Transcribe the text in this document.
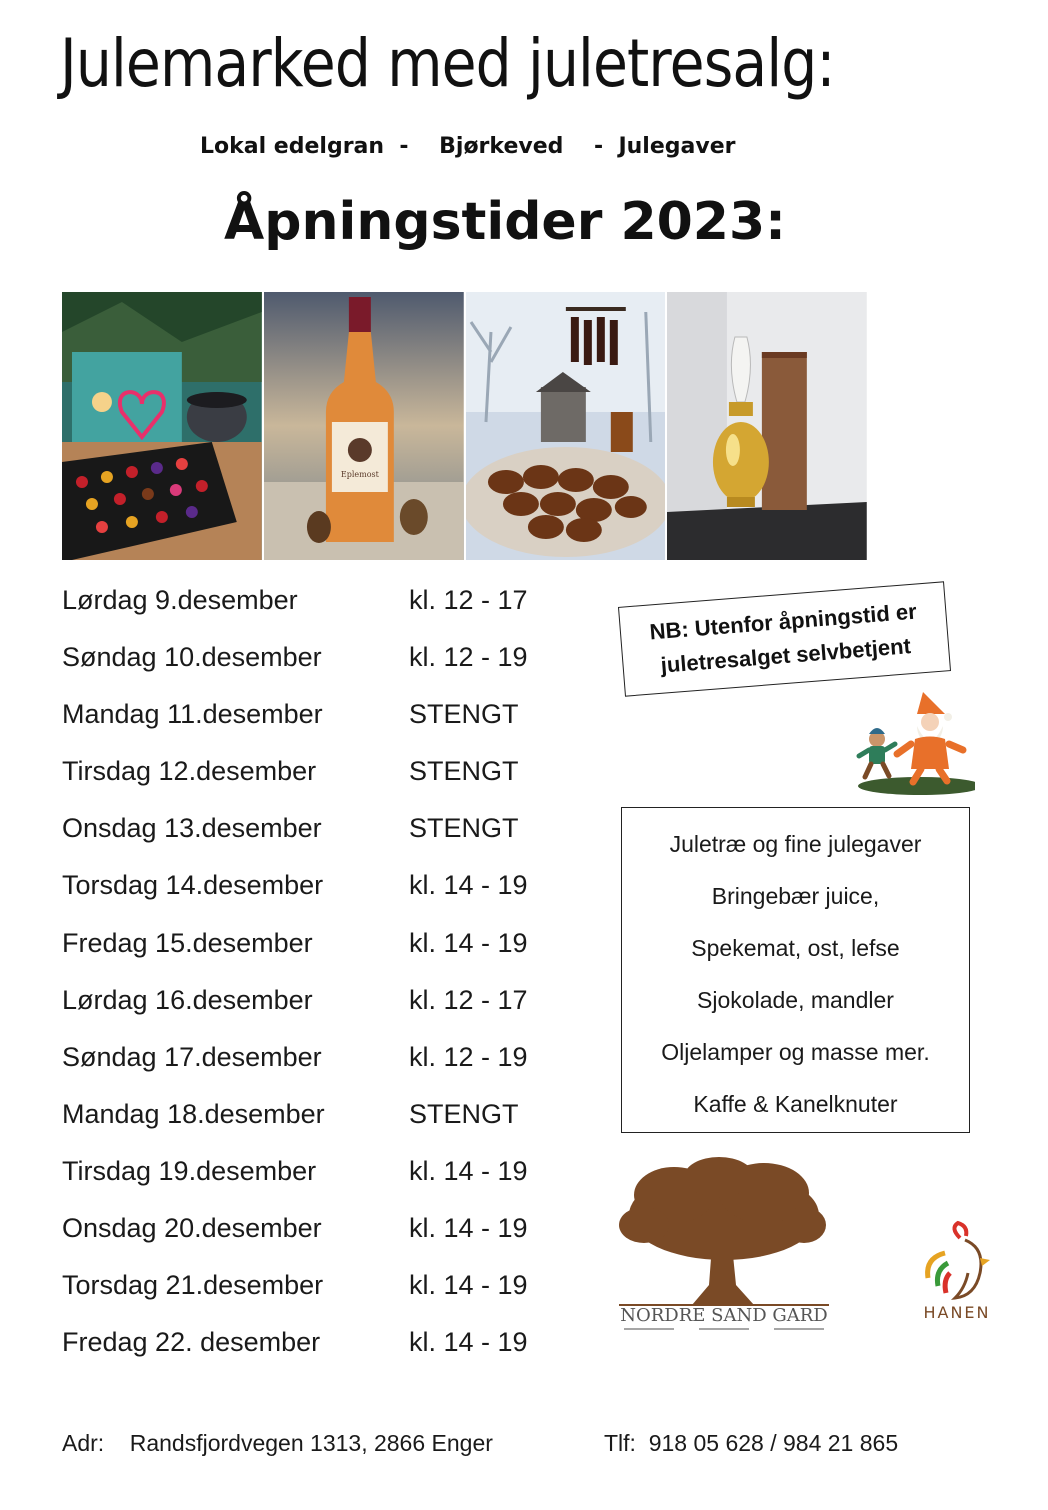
Julemarked med juletresalg:
Lokal edelgran  -    Bjørkeved    -  Julegaver
Åpningstider 2023:
Eplemost
Lørdag 9.desember	kl. 12 - 17
Søndag 10.desember	kl. 12 - 19
Mandag 11.desember	STENGT
Tirsdag 12.desember	STENGT
Onsdag 13.desember	STENGT
Torsdag 14.desember	kl. 14 - 19
Fredag 15.desember	kl. 14 - 19
Lørdag 16.desember	kl. 12 - 17
Søndag 17.desember	kl. 12 - 19
Mandag 18.desember	STENGT
Tirsdag 19.desember	kl. 14 - 19
Onsdag 20.desember	kl. 14 - 19
Torsdag 21.desember	kl. 14 - 19
Fredag 22. desember	kl. 14 - 19
NB: Utenfor åpningstid er
juletresalget selvbetjent
Juletræ og fine julegaver
Bringebær juice,
Spekemat, ost, lefse
Sjokolade, mandler
Oljelamper og masse mer.
Kaffe & Kanelknuter
NORDRE SAND GARD	HANEN
Adr:    Randsfjordvegen 1313, 2866 Enger	Tlf:  918 05 628 / 984 21 865
